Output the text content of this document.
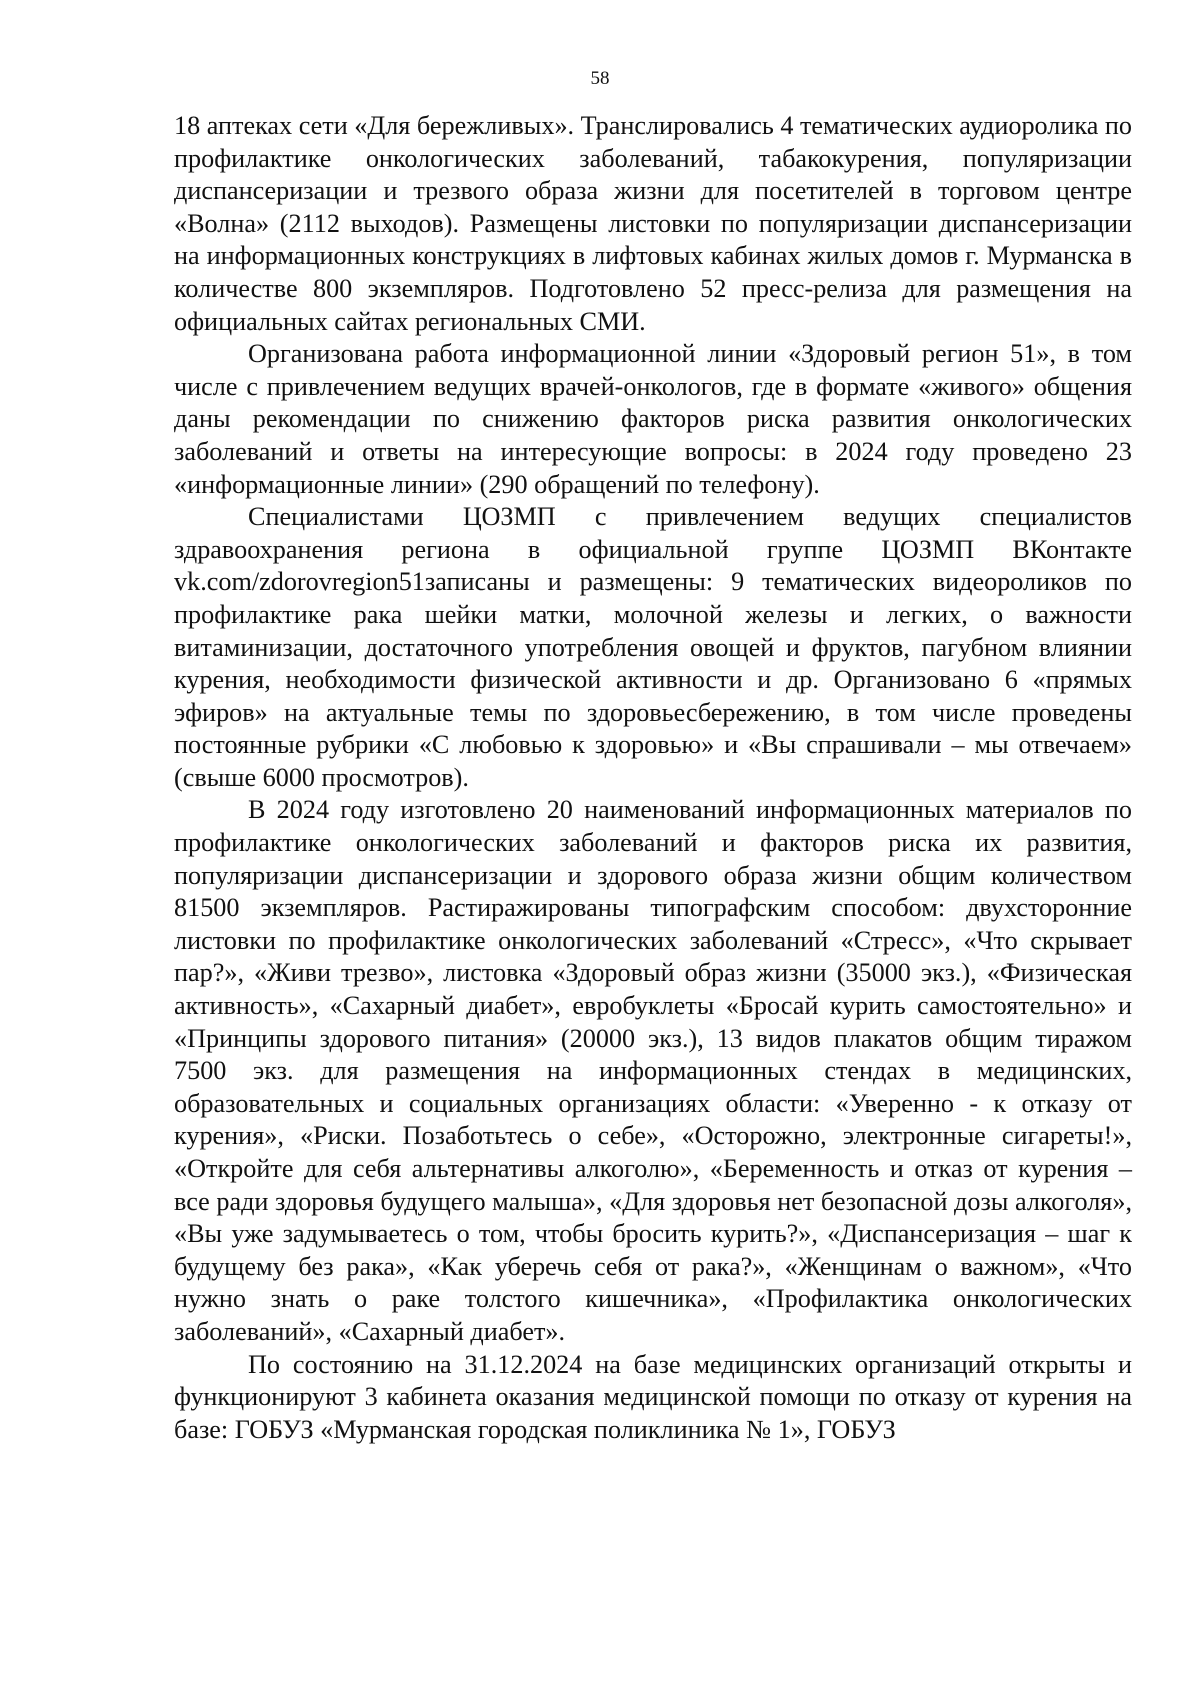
58

18 аптеках сети «Для бережливых». Транслировались 4 тематических аудиоролика по профилактике онкологических заболеваний, табакокурения, популяризации диспансеризации и трезвого образа жизни для посетителей в торговом центре «Волна» (2112 выходов). Размещены листовки по популяризации диспансеризации на информационных конструкциях в лифтовых кабинах жилых домов г. Мурманска в количестве 800 экземпляров. Подготовлено 52 пресс-релиза для размещения на официальных сайтах региональных СМИ.

Организована работа информационной линии «Здоровый регион 51», в том числе с привлечением ведущих врачей-онкологов, где в формате «живого» общения даны рекомендации по снижению факторов риска развития онкологических заболеваний и ответы на интересующие вопросы: в 2024 году проведено 23 «информационные линии» (290 обращений по телефону).

Специалистами ЦОЗМП с привлечением ведущих специалистов здравоохранения региона в официальной группе ЦОЗМП ВКонтакте vk.com/zdorovregion51записаны и размещены: 9 тематических видеороликов по профилактике рака шейки матки, молочной железы и легких, о важности витаминизации, достаточного употребления овощей и фруктов, пагубном влиянии курения, необходимости физической активности и др. Организовано 6 «прямых эфиров» на актуальные темы по здоровьесбережению, в том числе проведены постоянные рубрики «С любовью к здоровью» и «Вы спрашивали – мы отвечаем» (свыше 6000 просмотров).

В 2024 году изготовлено 20 наименований информационных материалов по профилактике онкологических заболеваний и факторов риска их развития, популяризации диспансеризации и здорового образа жизни общим количеством 81500 экземпляров. Растиражированы типографским способом: двухсторонние листовки по профилактике онкологических заболеваний «Стресс», «Что скрывает пар?», «Живи трезво», листовка «Здоровый образ жизни (35000 экз.), «Физическая активность», «Сахарный диабет», евробуклеты «Бросай курить самостоятельно» и «Принципы здорового питания» (20000 экз.), 13 видов плакатов общим тиражом 7500 экз. для размещения на информационных стендах в медицинских, образовательных и социальных организациях области: «Уверенно - к отказу от курения», «Риски. Позаботьтесь о себе», «Осторожно, электронные сигареты!», «Откройте для себя альтернативы алкоголю», «Беременность и отказ от курения – все ради здоровья будущего малыша», «Для здоровья нет безопасной дозы алкоголя», «Вы уже задумываетесь о том, чтобы бросить курить?», «Диспансеризация – шаг к будущему без рака», «Как уберечь себя от рака?», «Женщинам о важном», «Что нужно знать о раке толстого кишечника», «Профилактика онкологических заболеваний», «Сахарный диабет».

По состоянию на 31.12.2024 на базе медицинских организаций открыты и функционируют 3 кабинета оказания медицинской помощи по отказу от курения на базе: ГОБУЗ «Мурманская городская поликлиника № 1», ГОБУЗ
